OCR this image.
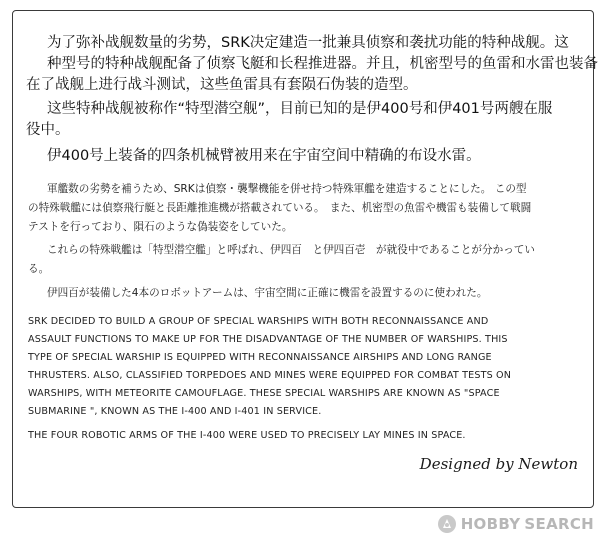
为了弥补战舰数量的劣势，SRK决定建造一批兼具侦察和袭扰功能的特种战舰。这

种型号的特种战舰配备了侦察飞艇和长程推进器。并且，机密型号的鱼雷和水雷也装备

在了战舰上进行战斗测试，这些鱼雷具有套陨石伪装的造型。

这些特种战舰被称作“特型潜空舰”，目前已知的是伊400号和伊401号两艘在服

役中。

伊400号上装备的四条机械臂被用来在宇宙空间中精确的布设水雷。

軍艦数の劣勢を補うため、SRKは偵察・襲撃機能を併せ持つ特殊軍艦を建造することにした。 この型

の特殊戦艦には偵察飛行艇と長距離推進機が搭載されている。　また、机密型の魚雷や機雷も装備して戦闘

テストを行っており、隕石のような偽装姿をしていた。

これらの特殊戦艦は「特型潜空艦」と呼ばれ、伊四百　と伊四百壱　が就役中であることが分かってい

る。

伊四百が装備した4本のロボットアームは、宇宙空間に正確に機雷を設置するのに使われた。

SRK DECIDED TO BUILD A GROUP OF SPECIAL WARSHIPS WITH BOTH RECONNAISSANCE AND

ASSAULT FUNCTIONS TO MAKE UP FOR THE DISADVANTAGE OF THE NUMBER OF WARSHIPS. THIS

TYPE OF SPECIAL WARSHIP IS EQUIPPED WITH RECONNAISSANCE AIRSHIPS AND LONG RANGE

THRUSTERS. ALSO, CLASSIFIED TORPEDOES AND MINES WERE EQUIPPED FOR COMBAT TESTS ON

WARSHIPS, WITH METEORITE CAMOUFLAGE. THESE SPECIAL WARSHIPS ARE KNOWN AS "SPACE

SUBMARINE ", KNOWN AS THE I-400 AND I-401 IN SERVICE.

THE FOUR ROBOTIC ARMS OF THE I-400 WERE USED TO PRECISELY LAY MINES IN SPACE.

Designed by Newton
HOBBY SEARCH
